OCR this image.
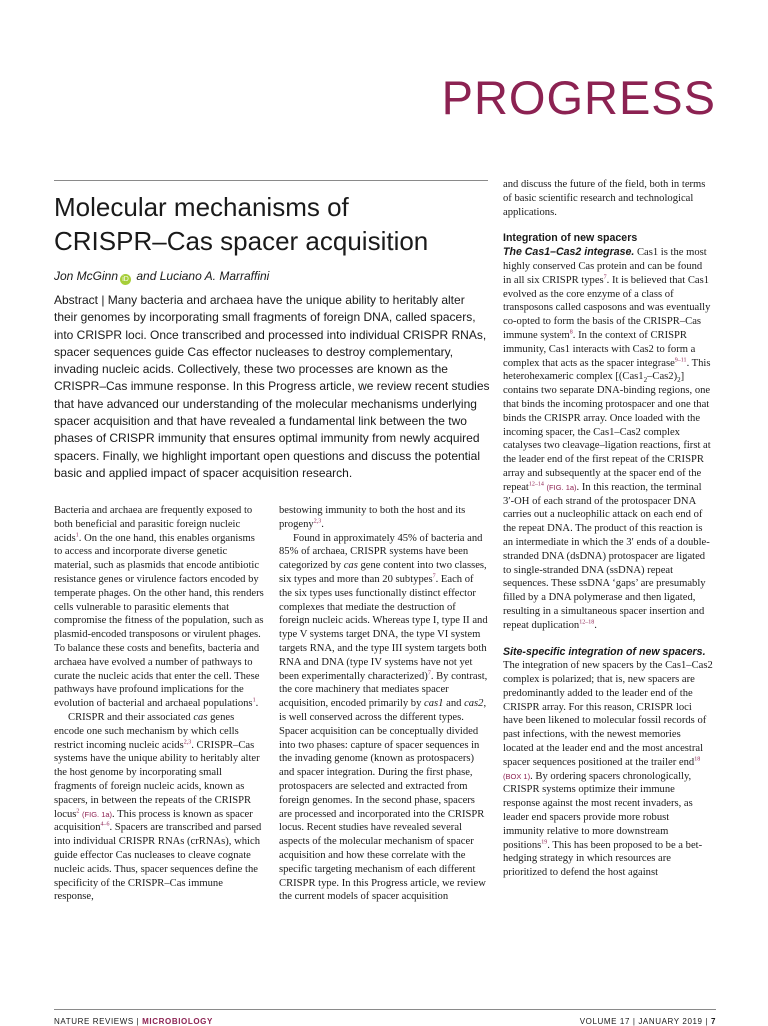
PROGRESS
Molecular mechanisms of
CRISPR–Cas spacer acquisition

Jon McGinn iD and Luciano A. Marraffini

Abstract | Many bacteria and archaea have the unique ability to heritably alter their genomes by incorporating small fragments of foreign DNA, called spacers, into CRISPR loci. Once transcribed and processed into individual CRISPR RNAs, spacer sequences guide Cas effector nucleases to destroy complementary, invading nucleic acids. Collectively, these two processes are known as the CRISPR–Cas immune response. In this Progress article, we review recent studies that have advanced our understanding of the molecular mechanisms underlying spacer acquisition and that have revealed a fundamental link between the two phases of CRISPR immunity that ensures optimal immunity from newly acquired spacers. Finally, we highlight important open questions and discuss the potential basic and applied impact of spacer acquisition research.

Bacteria and archaea are frequently exposed to both beneficial and parasitic foreign nucleic acids$^1$. On the one hand, this enables organisms to access and incorporate diverse genetic material, such as plasmids that encode antibiotic resistance genes or virulence factors encoded by temperate phages. On the other hand, this renders cells vulnerable to parasitic elements that compromise the fitness of the population, such as plasmid-encoded transposons or virulent phages. To balance these costs and benefits, bacteria and archaea have evolved a number of pathways to curate the nucleic acids that enter the cell. These pathways have profound implications for the evolution of bacterial and archaeal populations$^1$.

CRISPR and their associated cas genes encode one such mechanism by which cells restrict incoming nucleic acids$^{2,3}$. CRISPR–Cas systems have the unique ability to heritably alter the host genome by incorporating small fragments of foreign nucleic acids, known as spacers, in between the repeats of the CRISPR locus$^2$ (FIG. 1a). This process is known as spacer acquisition$^{4-6}$. Spacers are transcribed and parsed into individual CRISPR RNAs (crRNAs), which guide effector Cas nucleases to cleave cognate nucleic acids. Thus, spacer sequences define the specificity of the CRISPR–Cas immune response,

bestowing immunity to both the host and its progeny$^{2,3}$.

Found in approximately 45% of bacteria and 85% of archaea, CRISPR systems have been categorized by cas gene content into two classes, six types and more than 20 subtypes$^7$. Each of the six types uses functionally distinct effector complexes that mediate the destruction of foreign nucleic acids. Whereas type I, type II and type V systems target DNA, the type VI system targets RNA, and the type III system targets both RNA and DNA (type IV systems have not yet been experimentally characterized)$^7$. By contrast, the core machinery that mediates spacer acquisition, encoded primarily by cas1 and cas2, is well conserved across the different types. Spacer acquisition can be conceptually divided into two phases: capture of spacer sequences in the invading genome (known as protospacers) and spacer integration. During the first phase, protospacers are selected and extracted from foreign genomes. In the second phase, spacers are processed and incorporated into the CRISPR locus. Recent studies have revealed several aspects of the molecular mechanism of spacer acquisition and how these correlate with the specific targeting mechanism of each different CRISPR type. In this Progress article, we review the current models of spacer acquisition

and discuss the future of the field, both in terms of basic scientific research and technological applications.

Integration of new spacers

The Cas1–Cas2 integrase. Cas1 is the most highly conserved Cas protein and can be found in all six CRISPR types$^7$. It is believed that Cas1 evolved as the core enzyme of a class of transposons called casposons and was eventually co-opted to form the basis of the CRISPR–Cas immune system$^8$. In the context of CRISPR immunity, Cas1 interacts with Cas2 to form a complex that acts as the spacer integrase$^{9-11}$. This heterohexameric complex $[(Cas1_2-Cas2)_2]$ contains two separate DNA-binding regions, one that binds the incoming protospacer and one that binds the CRISPR array. Once loaded with the incoming spacer, the Cas1–Cas2 complex catalyses two cleavage–ligation reactions, first at the leader end of the first repeat of the CRISPR array and subsequently at the spacer end of the repeat$^{12-14}$ (FIG. 1a). In this reaction, the terminal 3′-OH of each strand of the protospacer DNA carries out a nucleophilic attack on each end of the repeat DNA. The product of this reaction is an intermediate in which the 3′ ends of a double-stranded DNA (dsDNA) protospacer are ligated to single-stranded DNA (ssDNA) repeat sequences. These ssDNA ‘gaps’ are presumably filled by a DNA polymerase and then ligated, resulting in a simultaneous spacer insertion and repeat duplication$^{12-18}$.

Site-specific integration of new spacers. The integration of new spacers by the Cas1–Cas2 complex is polarized; that is, new spacers are predominantly added to the leader end of the CRISPR array. For this reason, CRISPR loci have been likened to molecular fossil records of past infections, with the newest memories located at the leader end and the most ancestral spacer sequences positioned at the trailer end$^{18}$ (BOX 1). By ordering spacers chronologically, CRISPR systems optimize their immune response against the most recent invaders, as leader end spacers provide more robust immunity relative to more downstream positions$^{19}$. This has been proposed to be a bet-hedging strategy in which resources are prioritized to defend the host against

NATURE REVIEWS | MICROBIOLOGY	VOLUME 17 | JANUARY 2019 | 7
